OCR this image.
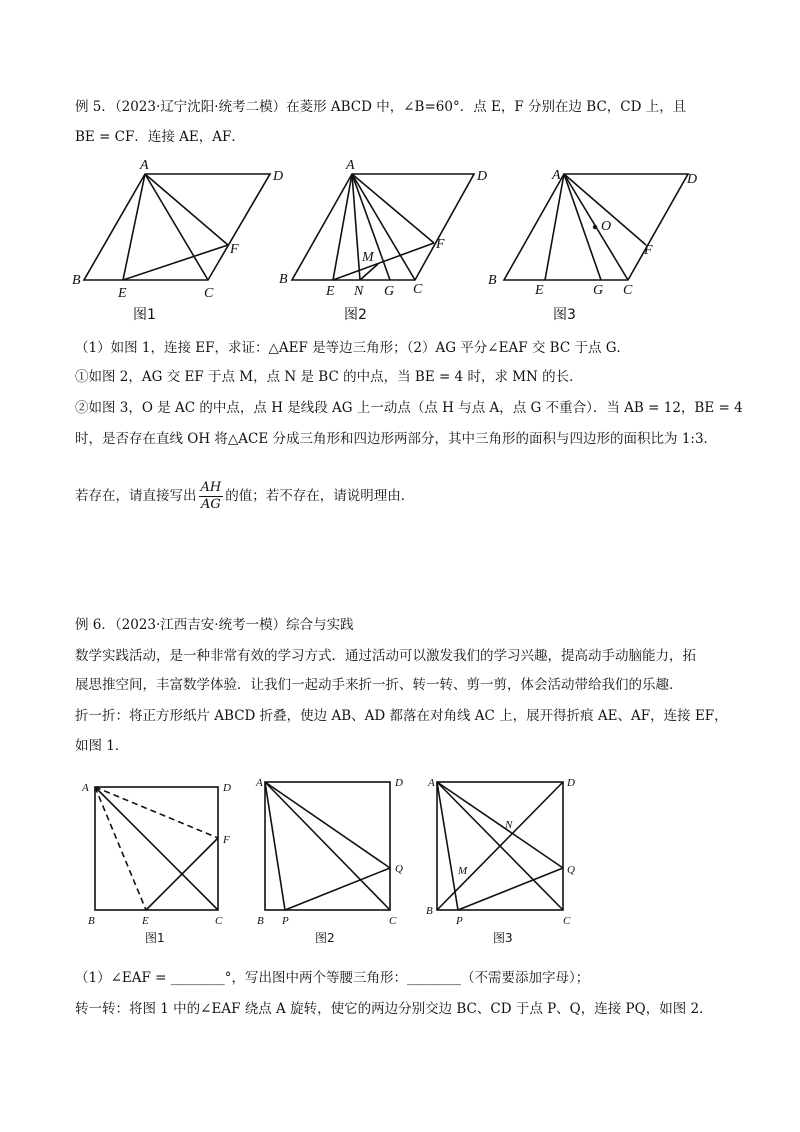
例 5．（2023·辽宁沈阳·统考二模）在菱形 ABCD 中，∠B=60°．点 E，F 分别在边 BC，CD 上，且
BE = CF．连接 AE，AF．
A
D
B
E	C
F
A
D
B
E N G C
F
M
A	D
B
E	G C
F
O
图1	图2	图3
（1）如图 1，连接 EF，求证：△AEF 是等边三角形；（2）AG 平分∠EAF 交 BC 于点 G．
①如图 2，AG 交 EF 于点 M，点 N 是 BC 的中点，当 BE = 4 时，求 MN 的长．
②如图 3，O 是 AC 的中点，点 H 是线段 AG 上一动点（点 H 与点 A，点 G 不重合）．当 AB = 12，BE = 4
时，是否存在直线 OH 将△ACE 分成三角形和四边形两部分，其中三角形的面积与四边形的面积比为 1:3．
若存在，请直接写出 $\frac{AH}{AG}$ 的值；若不存在，请说明理由．
例 6．（2023·江西吉安·统考一模）综合与实践
数学实践活动，是一种非常有效的学习方式．通过活动可以激发我们的学习兴趣，提高动手动脑能力，拓
展思推空间，丰富数学体验．让我们一起动手来折一折、转一转、剪一剪，体会活动带给我们的乐趣．
折一折：将正方形纸片 ABCD 折叠，使边 AB、AD 都落在对角线 AC 上，展开得折痕 AE、AF，连接 EF，
如图 1．
A	D
B	E	C
F
A	D
B P	C
Q
A	D
B
P	C
Q
M
N
图1	图2	图3
（1）∠EAF = ________°，写出图中两个等腰三角形：________（不需要添加字母）；
转一转：将图 1 中的∠EAF 绕点 A 旋转，使它的两边分别交边 BC、CD 于点 P、Q，连接 PQ，如图 2．
